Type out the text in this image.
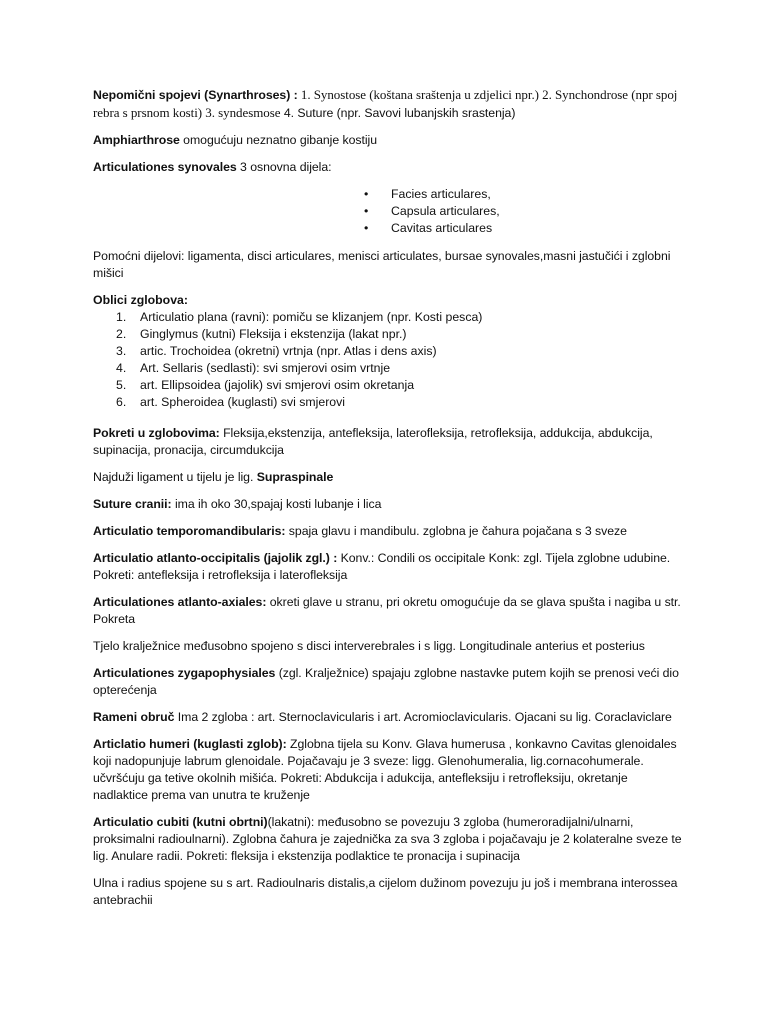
Nepomični spojevi (Synarthroses) : 1. Synostose (koštana sraštenja u zdjelici npr.) 2. Synchondrose (npr spoj rebra s prsnom kosti) 3. syndesmose 4. Suture (npr. Savovi lubanjskih srastenja)

Amphiarthrose omogućuju neznatno gibanje kostiju

Articulationes synovales 3 osnovna dijela:

• Facies articulares,
• Capsula articulares,
• Cavitas articulares

Pomoćni dijelovi: ligamenta, disci articulares, menisci articulates, bursae synovales,masni jastučići i zglobni mišici

Oblici zglobova:
1. Articulatio plana (ravni): pomiču se klizanjem (npr. Kosti pesca)
2. Ginglymus (kutni) Fleksija i ekstenzija (lakat npr.)
3. artic. Trochoidea (okretni) vrtnja (npr. Atlas i dens axis)
4. Art. Sellaris (sedlasti): svi smjerovi osim vrtnje
5. art. Ellipsoidea (jajolik) svi smjerovi osim okretanja
6. art. Spheroidea (kuglasti) svi smjerovi

Pokreti u zglobovima: Fleksija,ekstenzija, antefleksija, laterofleksija, retrofleksija, addukcija, abdukcija, supinacija, pronacija, circumdukcija

Najduži ligament u tijelu je lig. Supraspinale

Suture cranii: ima ih oko 30,spajaj kosti lubanje i lica

Articulatio temporomandibularis: spaja glavu i mandibulu. zglobna je čahura pojačana s 3 sveze

Articulatio atlanto-occipitalis (jajolik zgl.) : Konv.: Condili os occipitale Konk: zgl. Tijela zglobne udubine. Pokreti: antefleksija i retrofleksija i laterofleksija

Articulationes atlanto-axiales: okreti glave u stranu, pri okretu omogućuje da se glava spušta i nagiba u str. Pokreta

Tjelo kralježnice međusobno spojeno s disci interverebrales i s ligg. Longitudinale anterius et posterius

Articulationes zygapophysiales (zgl. Kralježnice) spajaju zglobne nastavke putem kojih se prenosi veći dio opterećenja

Rameni obruč Ima 2 zgloba : art. Sternoclavicularis i art. Acromioclavicularis. Ojacani su lig. Coraclaviclare

Articlatio humeri (kuglasti zglob): Zglobna tijela su Konv. Glava humerusa , konkavno Cavitas glenoidales koji nadopunjuje labrum glenoidale. Pojačavaju je 3 sveze: ligg. Glenohumeralia, lig.cornacohumerale. učvršćuju ga tetive okolnih mišića. Pokreti: Abdukcija i adukcija, antefleksiju i retrofleksiju, okretanje nadlaktice prema van unutra te kruženje

Articulatio cubiti (kutni obrtni)(lakatni): međusobno se povezuju 3 zgloba (humeroradijalni/ulnarni, proksimalni radioulnarni). Zglobna čahura je zajednička za sva 3 zgloba i pojačavaju je 2 kolateralne sveze te lig. Anulare radii. Pokreti: fleksija i ekstenzija podlaktice te pronacija i supinacija

Ulna i radius spojene su s art. Radioulnaris distalis,a cijelom dužinom povezuju ju još i membrana interossea antebrachii
